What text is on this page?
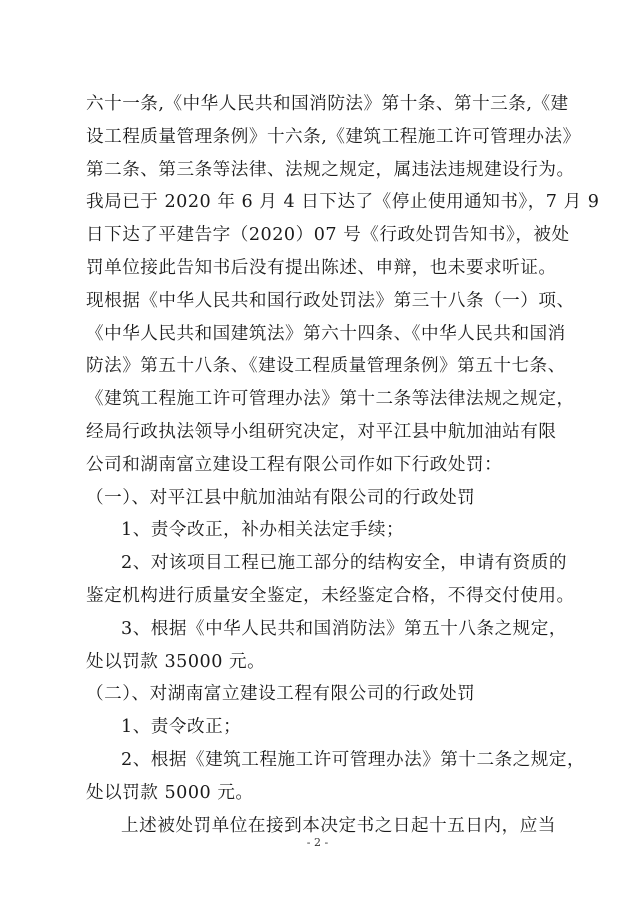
六十一条,《中华人民共和国消防法》第十条、第十三条,《建
设工程质量管理条例》十六条,《建筑工程施工许可管理办法》
第二条、第三条等法律、法规之规定，属违法违规建设行为。
我局已于 2020 年 6 月 4 日下达了《停止使用通知书》，7 月 9
日下达了平建告字（2020）07 号《行政处罚告知书》，被处
罚单位接此告知书后没有提出陈述、申辩，也未要求听证。
现根据《中华人民共和国行政处罚法》第三十八条（一）项、
《中华人民共和国建筑法》第六十四条、《中华人民共和国消
防法》第五十八条、《建设工程质量管理条例》第五十七条、
《建筑工程施工许可管理办法》第十二条等法律法规之规定，
经局行政执法领导小组研究决定，对平江县中航加油站有限
公司和湖南富立建设工程有限公司作如下行政处罚：
（一）、对平江县中航加油站有限公司的行政处罚
1、责令改正，补办相关法定手续；
2、对该项目工程已施工部分的结构安全，申请有资质的
鉴定机构进行质量安全鉴定，未经鉴定合格，不得交付使用。
3、根据《中华人民共和国消防法》第五十八条之规定，
处以罚款 35000 元。
（二）、对湖南富立建设工程有限公司的行政处罚
1、责令改正；
2、根据《建筑工程施工许可管理办法》第十二条之规定，
处以罚款 5000 元。
上述被处罚单位在接到本决定书之日起十五日内，应当
- 2 -
